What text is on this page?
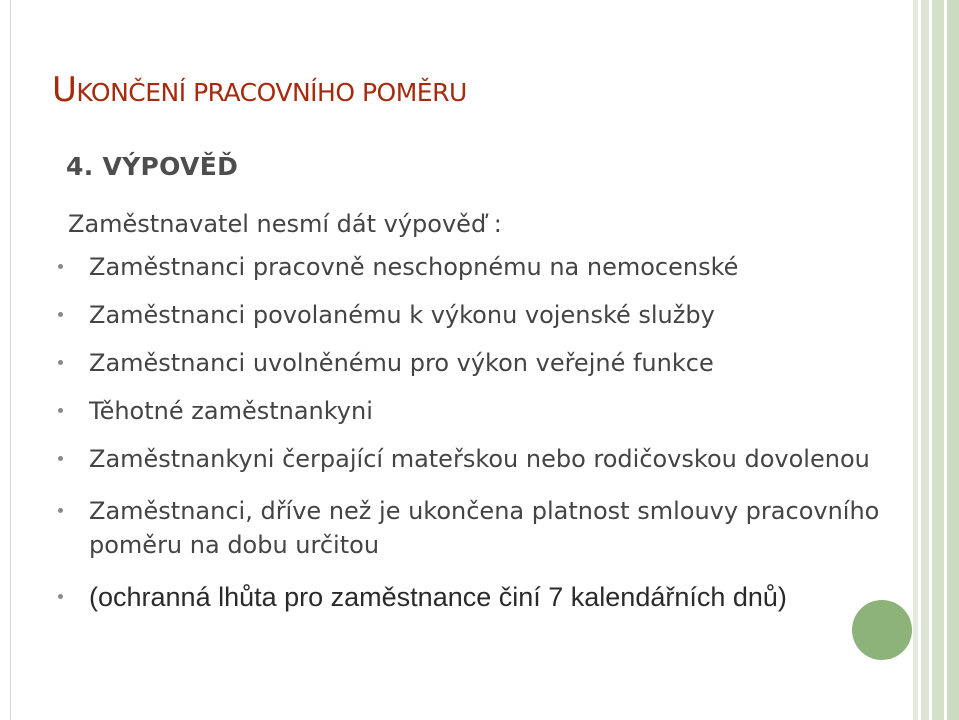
UKONČENÍ PRACOVNÍHO POMĚRU

4. VÝPOVĚĎ

Zaměstnavatel nesmí dát výpověď :

Zaměstnanci pracovně neschopnému na nemocenské
Zaměstnanci povolanému k výkonu vojenské služby
Zaměstnanci uvolněnému pro výkon veřejné funkce
Těhotné zaměstnankyni
Zaměstnankyni čerpající mateřskou nebo rodičovskou dovolenou
Zaměstnanci, dříve než je ukončena platnost smlouvy pracovního poměru na dobu určitou
(ochranná lhůta pro zaměstnance činí 7 kalendářních dnů)
